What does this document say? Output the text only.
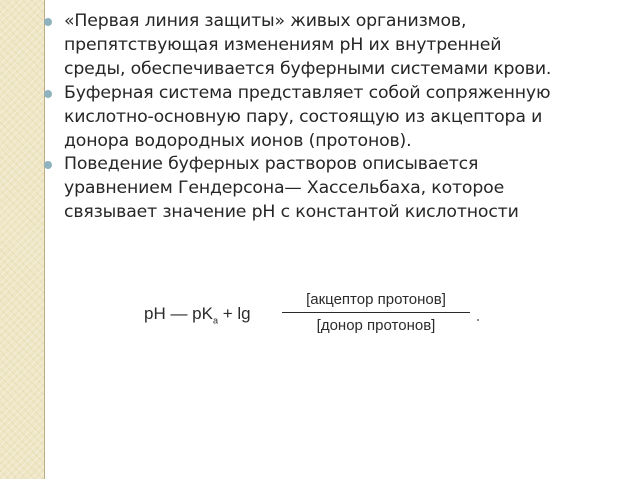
«Первая линия защиты» живых организмов,
препятствующая изменениям рН их внутренней
среды, обеспечивается буферными системами крови.
Буферная система представляет собой сопряженную
кислотно-основную пару, состоящую из акцептора и
донора водородных ионов (протонов).
Поведение буферных растворов описывается
уравнением Гендерсона— Хассельбаха, которое
связывает значение рН с константой кислотности
pH — $pK_a + \lg$
[акцептор протонов]
[донор протонов]
